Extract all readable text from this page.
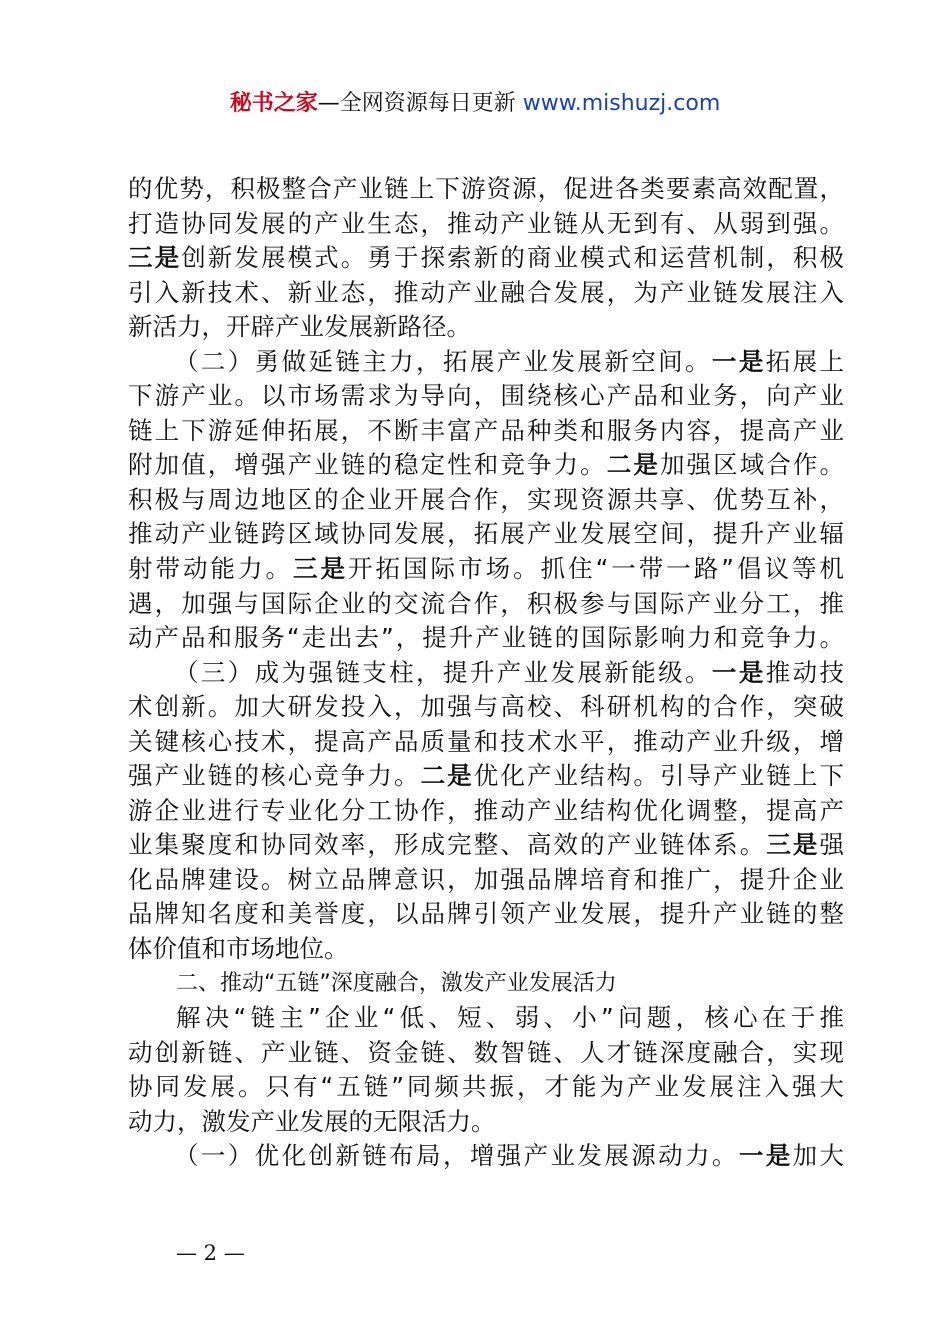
秘书之家—全网资源每日更新 www.mishuzj.com
的优势，积极整合产业链上下游资源，促进各类要素高效配置，
打造协同发展的产业生态，推动产业链从无到有、从弱到强。
三是创新发展模式。勇于探索新的商业模式和运营机制，积极
引入新技术、新业态，推动产业融合发展，为产业链发展注入
新活力，开辟产业发展新路径。
（二）勇做延链主力，拓展产业发展新空间。一是拓展上
下游产业。以市场需求为导向，围绕核心产品和业务，向产业
链上下游延伸拓展，不断丰富产品种类和服务内容，提高产业
附加值，增强产业链的稳定性和竞争力。二是加强区域合作。
积极与周边地区的企业开展合作，实现资源共享、优势互补，
推动产业链跨区域协同发展，拓展产业发展空间，提升产业辐
射带动能力。三是开拓国际市场。抓住“一带一路”倡议等机
遇，加强与国际企业的交流合作，积极参与国际产业分工，推
动产品和服务“走出去”，提升产业链的国际影响力和竞争力。
（三）成为强链支柱，提升产业发展新能级。一是推动技
术创新。加大研发投入，加强与高校、科研机构的合作，突破
关键核心技术，提高产品质量和技术水平，推动产业升级，增
强产业链的核心竞争力。二是优化产业结构。引导产业链上下
游企业进行专业化分工协作，推动产业结构优化调整，提高产
业集聚度和协同效率，形成完整、高效的产业链体系。三是强
化品牌建设。树立品牌意识，加强品牌培育和推广，提升企业
品牌知名度和美誉度，以品牌引领产业发展，提升产业链的整
体价值和市场地位。
二、推动“五链”深度融合，激发产业发展活力
解决“链主”企业“低、短、弱、小”问题，核心在于推
动创新链、产业链、资金链、数智链、人才链深度融合，实现
协同发展。只有“五链”同频共振，才能为产业发展注入强大
动力，激发产业发展的无限活力。
（一）优化创新链布局，增强产业发展源动力。一是加大
— 2 —
